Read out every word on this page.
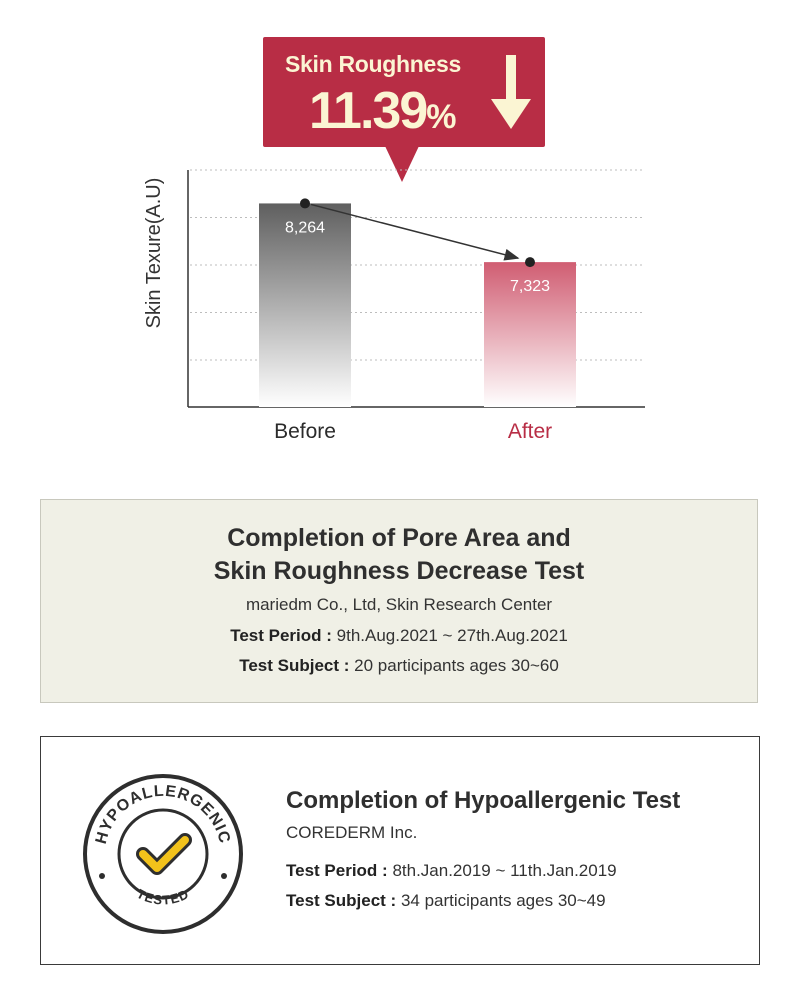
Skin Roughness
11.39%
Skin Texure(A.U)	8,264
Before
7,323
After
Completion of Pore Area and
Skin Roughness Decrease Test
mariedm Co., Ltd, Skin Research Center
Test Period : 9th.Aug.2021 ~ 27th.Aug.2021
Test Subject : 20 participants ages 30~60
HYPOALLERGENIC
TESTED
Completion of Hypoallergenic Test
COREDERM Inc.
Test Period : 8th.Jan.2019 ~ 11th.Jan.2019
Test Subject : 34 participants ages 30~49
